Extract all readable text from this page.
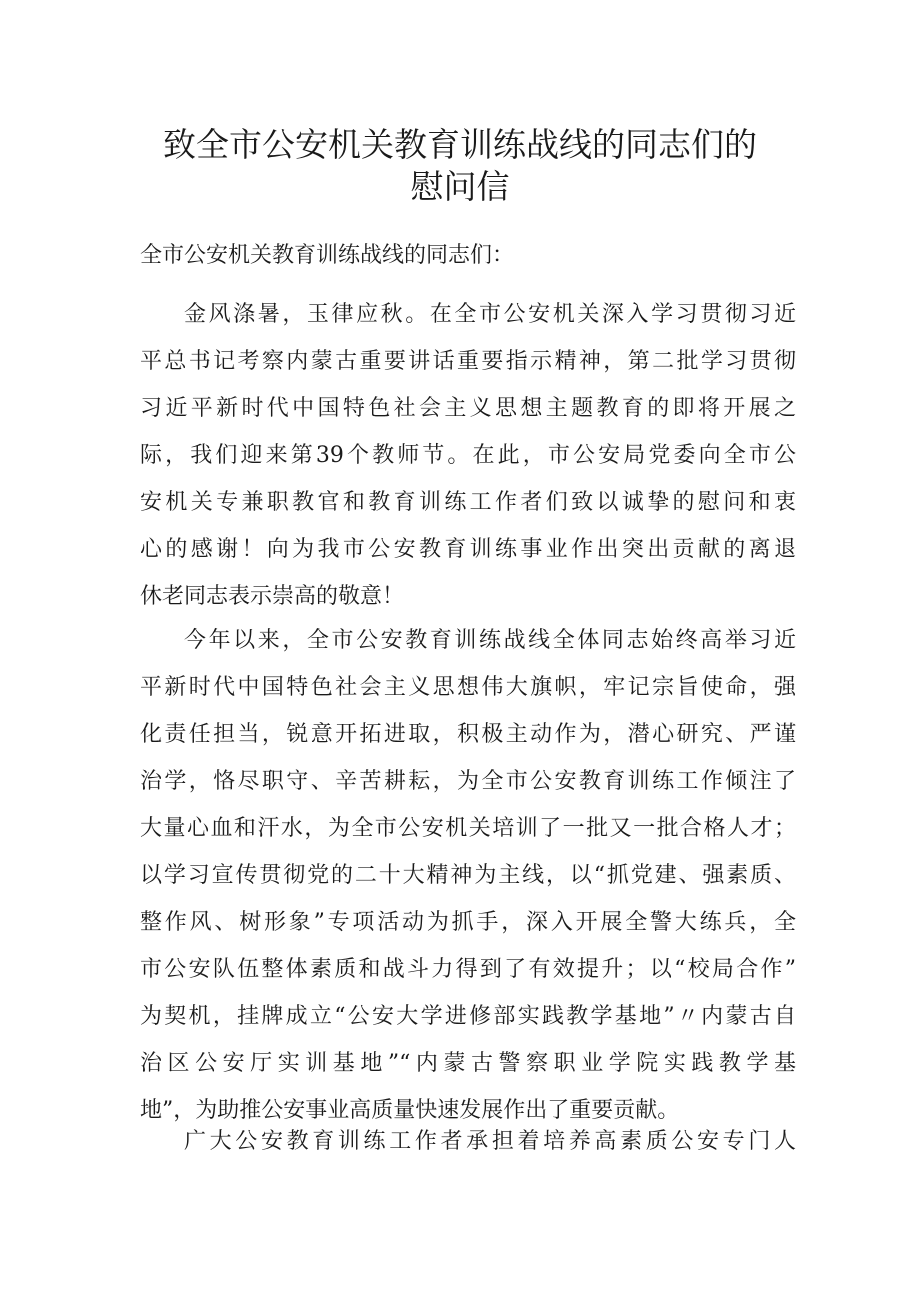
致全市公安机关教育训练战线的同志们的
慰问信

全市公安机关教育训练战线的同志们：

金风涤暑，玉律应秋。在全市公安机关深入学习贯彻习近
平总书记考察内蒙古重要讲话重要指示精神，第二批学习贯彻
习近平新时代中国特色社会主义思想主题教育的即将开展之
际，我们迎来第39个教师节。在此，市公安局党委向全市公
安机关专兼职教官和教育训练工作者们致以诚挚的慰问和衷
心的感谢！向为我市公安教育训练事业作出突出贡献的离退
休老同志表示崇高的敬意！
今年以来，全市公安教育训练战线全体同志始终高举习近
平新时代中国特色社会主义思想伟大旗帜，牢记宗旨使命，强
化责任担当，锐意开拓进取，积极主动作为，潜心研究、严谨
治学，恪尽职守、辛苦耕耘，为全市公安教育训练工作倾注了
大量心血和汗水，为全市公安机关培训了一批又一批合格人才；
以学习宣传贯彻党的二十大精神为主线，以“抓党建、强素质、
整作风、树形象”专项活动为抓手，深入开展全警大练兵，全
市公安队伍整体素质和战斗力得到了有效提升；以“校局合作”
为契机，挂牌成立“公安大学进修部实践教学基地”〃内蒙古自
治区公安厅实训基地”“内蒙古警察职业学院实践教学基
地”，为助推公安事业高质量快速发展作出了重要贡献。
广大公安教育训练工作者承担着培养高素质公安专门人
